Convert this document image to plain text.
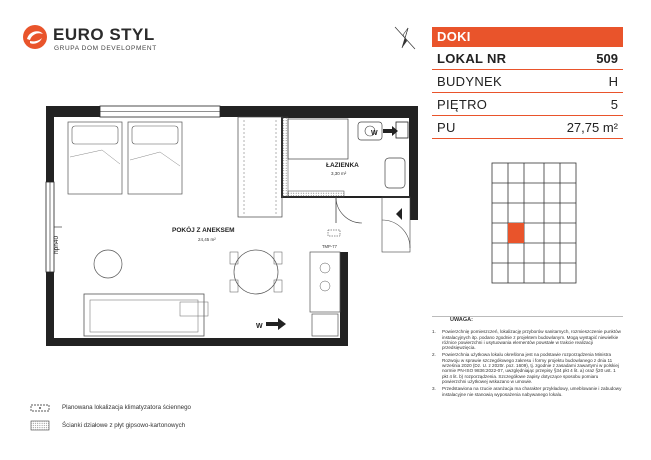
EURO STYL
GRUPA DOM DEVELOPMENT
DOKI
LOKAL NR	509
BUDYNEK	H
PIĘTRO	5
PU	27,75 m²
ŁAZIENKA
3,30 m²
W
POKÓJ Z ANEKSEM
24,45 m²
hpn40	TMP-77
W
UWAGA:
1.	Powierzchnię pomieszczeń, lokalizację przyborów sanitarnych, rozmieszczenie punktów instalacyjnych itp. podano zgodnie z projektem budowlanym. Mogą wystąpić niewielkie różnice powierzchni i usytuowania elementów powstałe w trakcie realizacji przedsięwzięcia.
2.	Powierzchnia użytkowa lokalu określona jest na podstawie rozporządzenia Ministra Rozwoju w sprawie szczegółowego zakresu i formy projektu budowlanego z dnia 11 września 2020 (Dz. U. z 2020r. poz. 1609), tj. zgodnie z zasadami zawartymi w polskiej normie PN-ISO 9836:2022-07, uwzględniając przepisy §34 pkt 4 lit. a) oraz §20 ust. 1 pkt 4 lit. b) rozporządzenia. Szczegółowe zapisy dotyczące sposobu pomiaru powierzchni użytkowej wskazano w umowie.
3.	Przedstawiona na rzucie aranżacja ma charakter przykładowy, umeblowanie i zabudowy instalacyjne nie stanowią wyposażenia nabywanego lokalu.
Planowana lokalizacja klimatyzatora ściennego
Ścianki działowe z płyt gipsowo-kartonowych
